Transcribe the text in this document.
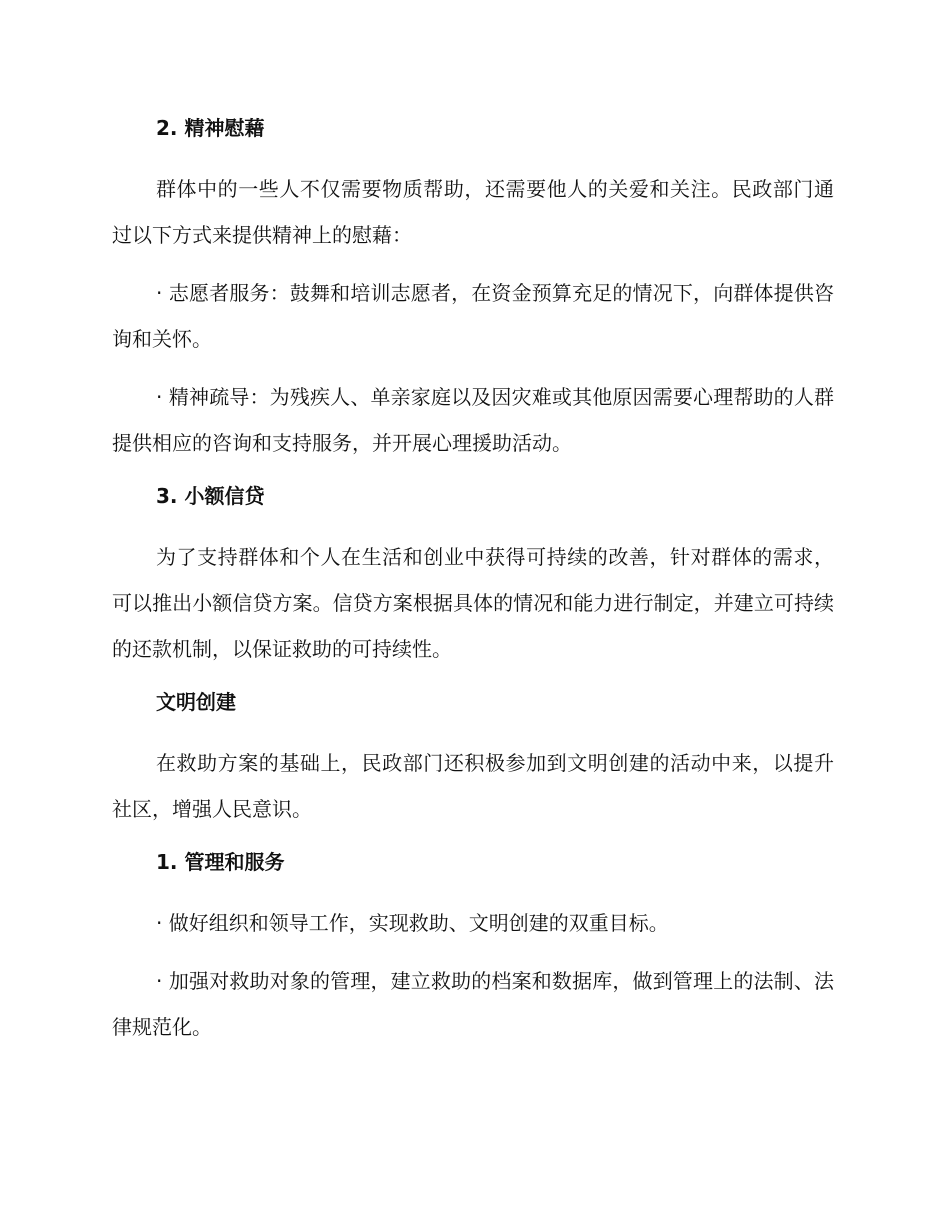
2. 精神慰藉
群体中的一些人不仅需要物质帮助，还需要他人的关爱和关注。民政部门通过以下方式来提供精神上的慰藉：
· 志愿者服务：鼓舞和培训志愿者，在资金预算充足的情况下，向群体提供咨询和关怀。
· 精神疏导：为残疾人、单亲家庭以及因灾难或其他原因需要心理帮助的人群提供相应的咨询和支持服务，并开展心理援助活动。
3. 小额信贷
为了支持群体和个人在生活和创业中获得可持续的改善，针对群体的需求，可以推出小额信贷方案。信贷方案根据具体的情况和能力进行制定，并建立可持续的还款机制，以保证救助的可持续性。
文明创建
在救助方案的基础上，民政部门还积极参加到文明创建的活动中来，以提升社区，增强人民意识。
1. 管理和服务
· 做好组织和领导工作，实现救助、文明创建的双重目标。
· 加强对救助对象的管理，建立救助的档案和数据库，做到管理上的法制、法律规范化。
